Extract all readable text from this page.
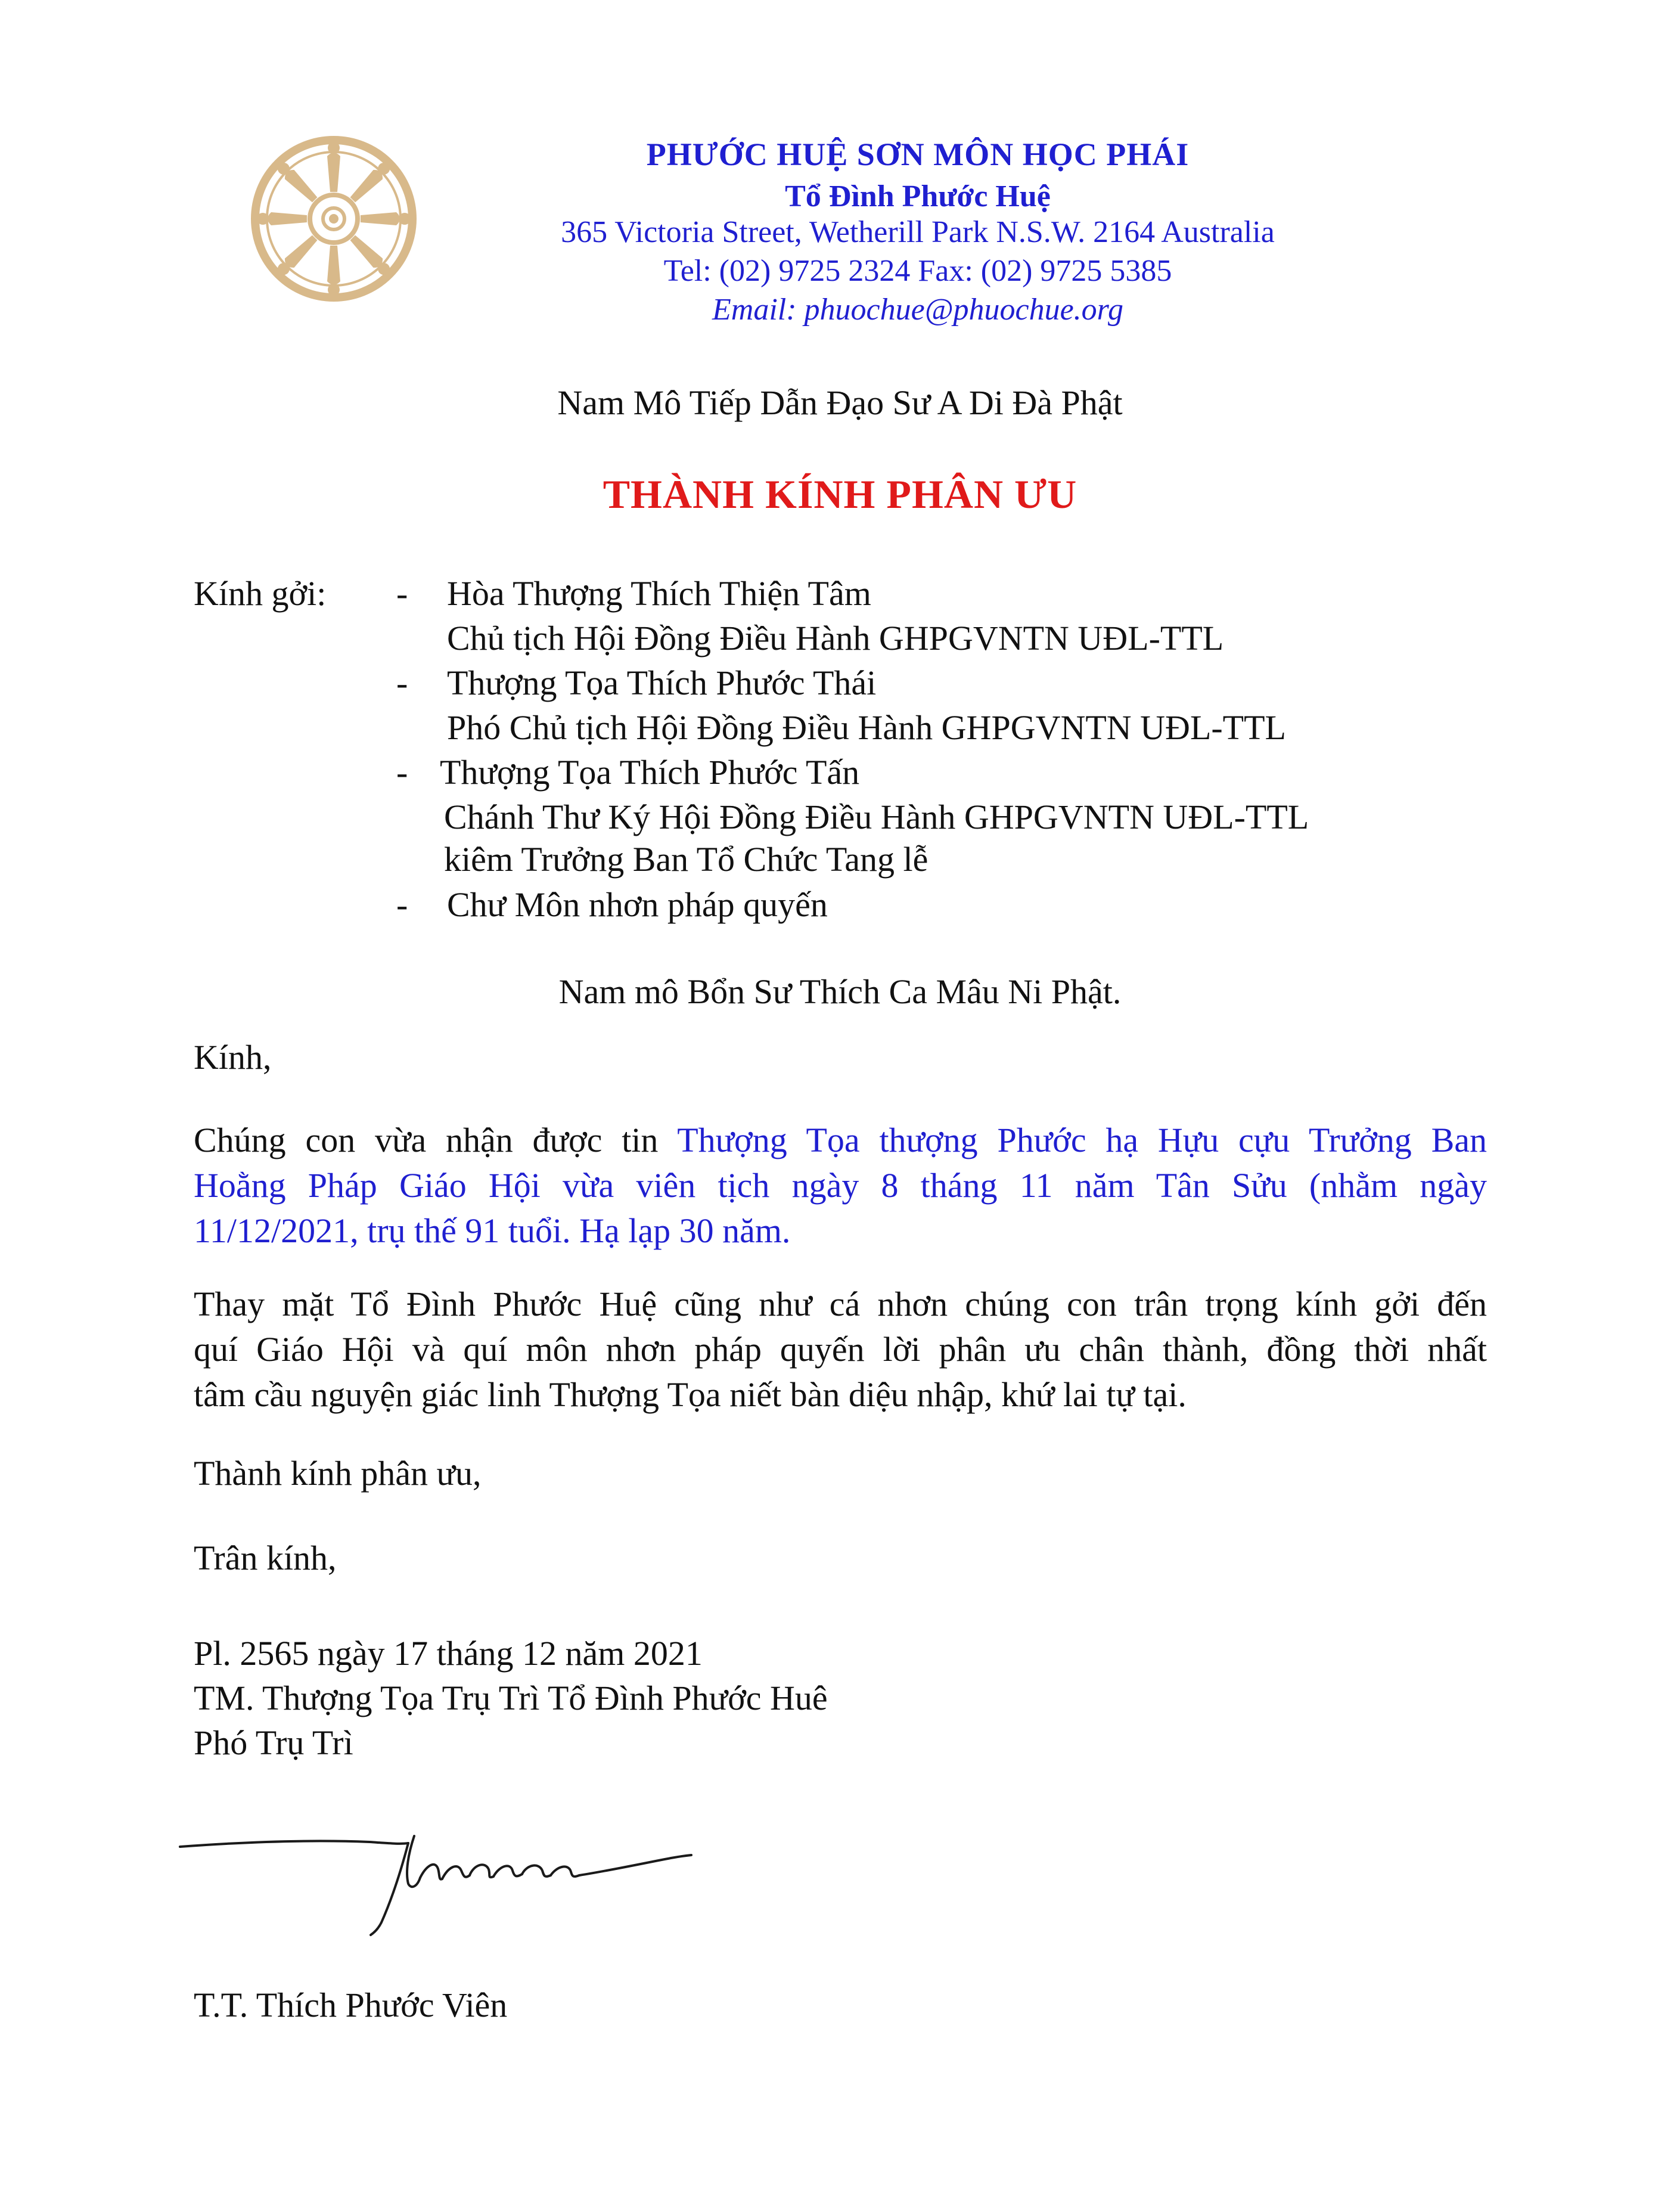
PHƯỚC HUỆ SƠN MÔN HỌC PHÁI
Tổ Đình Phước Huệ
365 Victoria Street, Wetherill Park N.S.W. 2164 Australia
Tel: (02) 9725 2324 Fax: (02) 9725 5385
Email: phuochue@phuochue.org
Nam Mô Tiếp Dẫn Đạo Sư A Di Đà Phật
THÀNH KÍNH PHÂN ƯU
Kính gởi: - Hòa Thượng Thích Thiện Tâm
Chủ tịch Hội Đồng Điều Hành GHPGVNTN UĐL-TTL
- Thượng Tọa Thích Phước Thái
Phó Chủ tịch Hội Đồng Điều Hành GHPGVNTN UĐL-TTL
- Thượng Tọa Thích Phước Tấn
Chánh Thư Ký Hội Đồng Điều Hành GHPGVNTN UĐL-TTL
kiêm Trưởng Ban Tổ Chức Tang lễ
- Chư Môn nhơn pháp quyến
Nam mô Bổn Sư Thích Ca Mâu Ni Phật.
Kính,
Chúng con vừa nhận được tin Thượng Tọa thượng Phước hạ Hựu cựu Trưởng Ban
Hoằng Pháp Giáo Hội vừa viên tịch ngày 8 tháng 11 năm Tân Sửu (nhằm ngày
11/12/2021, trụ thế 91 tuổi. Hạ lạp 30 năm.
Thay mặt Tổ Đình Phước Huệ cũng như cá nhơn chúng con trân trọng kính gởi đến
quí Giáo Hội và quí môn nhơn pháp quyến lời phân ưu chân thành, đồng thời nhất
tâm cầu nguyện giác linh Thượng Tọa niết bàn diệu nhập, khứ lai tự tại.
Thành kính phân ưu,
Trân kính,
Pl. 2565 ngày 17 tháng 12 năm 2021
TM. Thượng Tọa Trụ Trì Tổ Đình Phước Huê
Phó Trụ Trì
T.T. Thích Phước Viên
